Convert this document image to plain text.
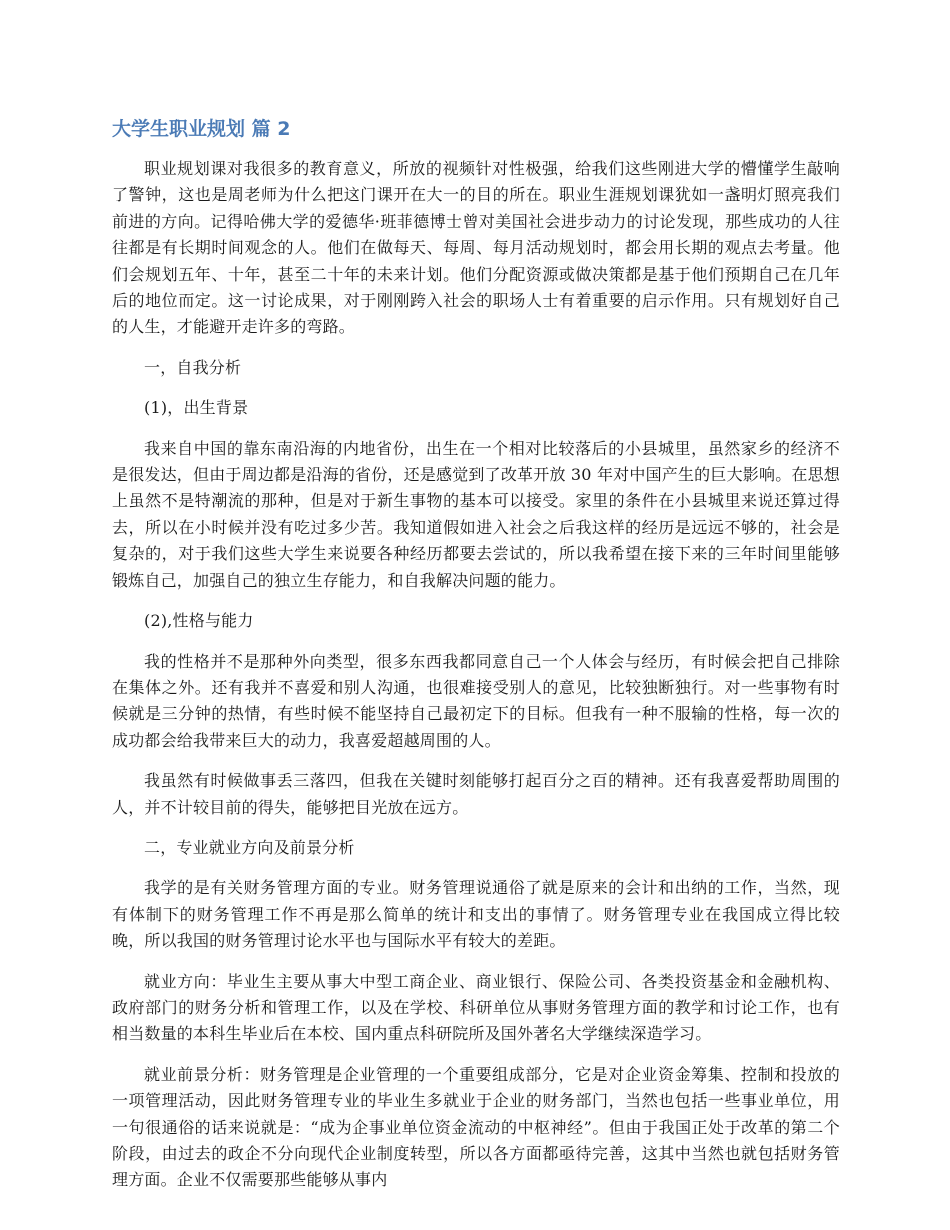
大学生职业规划 篇 2

职业规划课对我很多的教育意义，所放的视频针对性极强，给我们这些刚进大学的懵懂学生敲响了警钟，这也是周老师为什么把这门课开在大一的目的所在。职业生涯规划课犹如一盏明灯照亮我们前进的方向。记得哈佛大学的爱德华·班菲德博士曾对美国社会进步动力的讨论发现，那些成功的人往往都是有长期时间观念的人。他们在做每天、每周、每月活动规划时，都会用长期的观点去考量。他们会规划五年、十年，甚至二十年的未来计划。他们分配资源或做决策都是基于他们预期自己在几年后的地位而定。这一讨论成果，对于刚刚跨入社会的职场人士有着重要的启示作用。只有规划好自己的人生，才能避开走许多的弯路。

一，自我分析

(1)，出生背景

我来自中国的靠东南沿海的内地省份，出生在一个相对比较落后的小县城里，虽然家乡的经济不是很发达，但由于周边都是沿海的省份，还是感觉到了改革开放 30 年对中国产生的巨大影响。在思想上虽然不是特潮流的那种，但是对于新生事物的基本可以接受。家里的条件在小县城里来说还算过得去，所以在小时候并没有吃过多少苦。我知道假如进入社会之后我这样的经历是远远不够的，社会是复杂的，对于我们这些大学生来说要各种经历都要去尝试的，所以我希望在接下来的三年时间里能够锻炼自己，加强自己的独立生存能力，和自我解决问题的能力。

(2),性格与能力

我的性格并不是那种外向类型，很多东西我都同意自己一个人体会与经历，有时候会把自己排除在集体之外。还有我并不喜爱和别人沟通，也很难接受别人的意见，比较独断独行。对一些事物有时候就是三分钟的热情，有些时候不能坚持自己最初定下的目标。但我有一种不服输的性格，每一次的成功都会给我带来巨大的动力，我喜爱超越周围的人。

我虽然有时候做事丢三落四，但我在关键时刻能够打起百分之百的精神。还有我喜爱帮助周围的人，并不计较目前的得失，能够把目光放在远方。

二，专业就业方向及前景分析

我学的是有关财务管理方面的专业。财务管理说通俗了就是原来的会计和出纳的工作，当然，现有体制下的财务管理工作不再是那么简单的统计和支出的事情了。财务管理专业在我国成立得比较晚，所以我国的财务管理讨论水平也与国际水平有较大的差距。

就业方向：毕业生主要从事大中型工商企业、商业银行、保险公司、各类投资基金和金融机构、政府部门的财务分析和管理工作，以及在学校、科研单位从事财务管理方面的教学和讨论工作，也有相当数量的本科生毕业后在本校、国内重点科研院所及国外著名大学继续深造学习。

就业前景分析：财务管理是企业管理的一个重要组成部分，它是对企业资金筹集、控制和投放的一项管理活动，因此财务管理专业的毕业生多就业于企业的财务部门，当然也包括一些事业单位，用一句很通俗的话来说就是：“成为企事业单位资金流动的中枢神经”。但由于我国正处于改革的第二个阶段，由过去的政企不分向现代企业制度转型，所以各方面都亟待完善，这其中当然也就包括财务管理方面。企业不仅需要那些能够从事内
